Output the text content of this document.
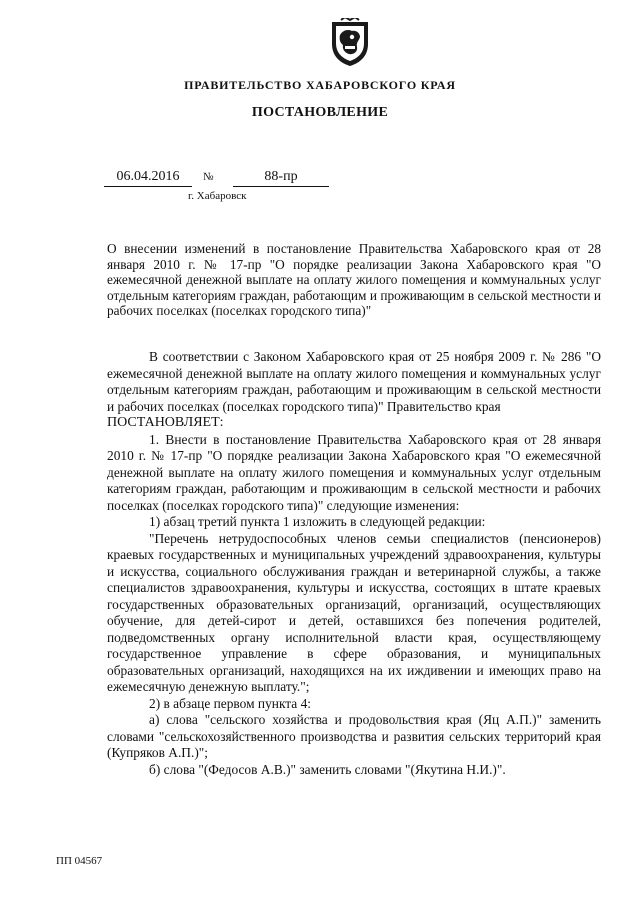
ПРАВИТЕЛЬСТВО ХАБАРОВСКОГО КРАЯ
ПОСТАНОВЛЕНИЕ
06.04.2016	№	88-пр
г. Хабаровск
О внесении изменений в постановление Правительства Хабаровского края от 28 января 2010 г. № 17-пр "О порядке реализации Закона Хабаровского края "О ежемесячной денежной выплате на оплату жилого помещения и коммунальных услуг отдельным категориям граждан, работающим и проживающим в сельской местности и рабочих поселках (поселках городского типа)"

В соответствии с Законом Хабаровского края от 25 ноября 2009 г. № 286 "О ежемесячной денежной выплате на оплату жилого помещения и коммунальных услуг отдельным категориям граждан, работающим и проживающим в сельской местности и рабочих поселках (поселках городского типа)" Правительство края

ПОСТАНОВЛЯЕТ:

1. Внести в постановление Правительства Хабаровского края от 28 января 2010 г. № 17-пр "О порядке реализации Закона Хабаровского края "О ежемесячной денежной выплате на оплату жилого помещения и коммунальных услуг отдельным категориям граждан, работающим и проживающим в сельской местности и рабочих поселках (поселках городского типа)" следующие изменения:

1) абзац третий пункта 1 изложить в следующей редакции:

"Перечень нетрудоспособных членов семьи специалистов (пенсионеров) краевых государственных и муниципальных учреждений здравоохранения, культуры и искусства, социального обслуживания граждан и ветеринарной службы, а также специалистов здравоохранения, культуры и искусства, состоящих в штате краевых государственных образовательных организаций, организаций, осуществляющих обучение, для детей-сирот и детей, оставшихся без попечения родителей, подведомственных органу исполнительной власти края, осуществляющему государственное управление в сфере образования, и муниципальных образовательных организаций, находящихся на их иждивении и имеющих право на ежемесячную денежную выплату.";

2) в абзаце первом пункта 4:

а) слова "сельского хозяйства и продовольствия края (Яц А.П.)" заменить словами "сельскохозяйственного производства и развития сельских территорий края (Купряков А.П.)";

б) слова "(Федосов А.В.)" заменить словами "(Якутина Н.И.)".

ПП 04567
